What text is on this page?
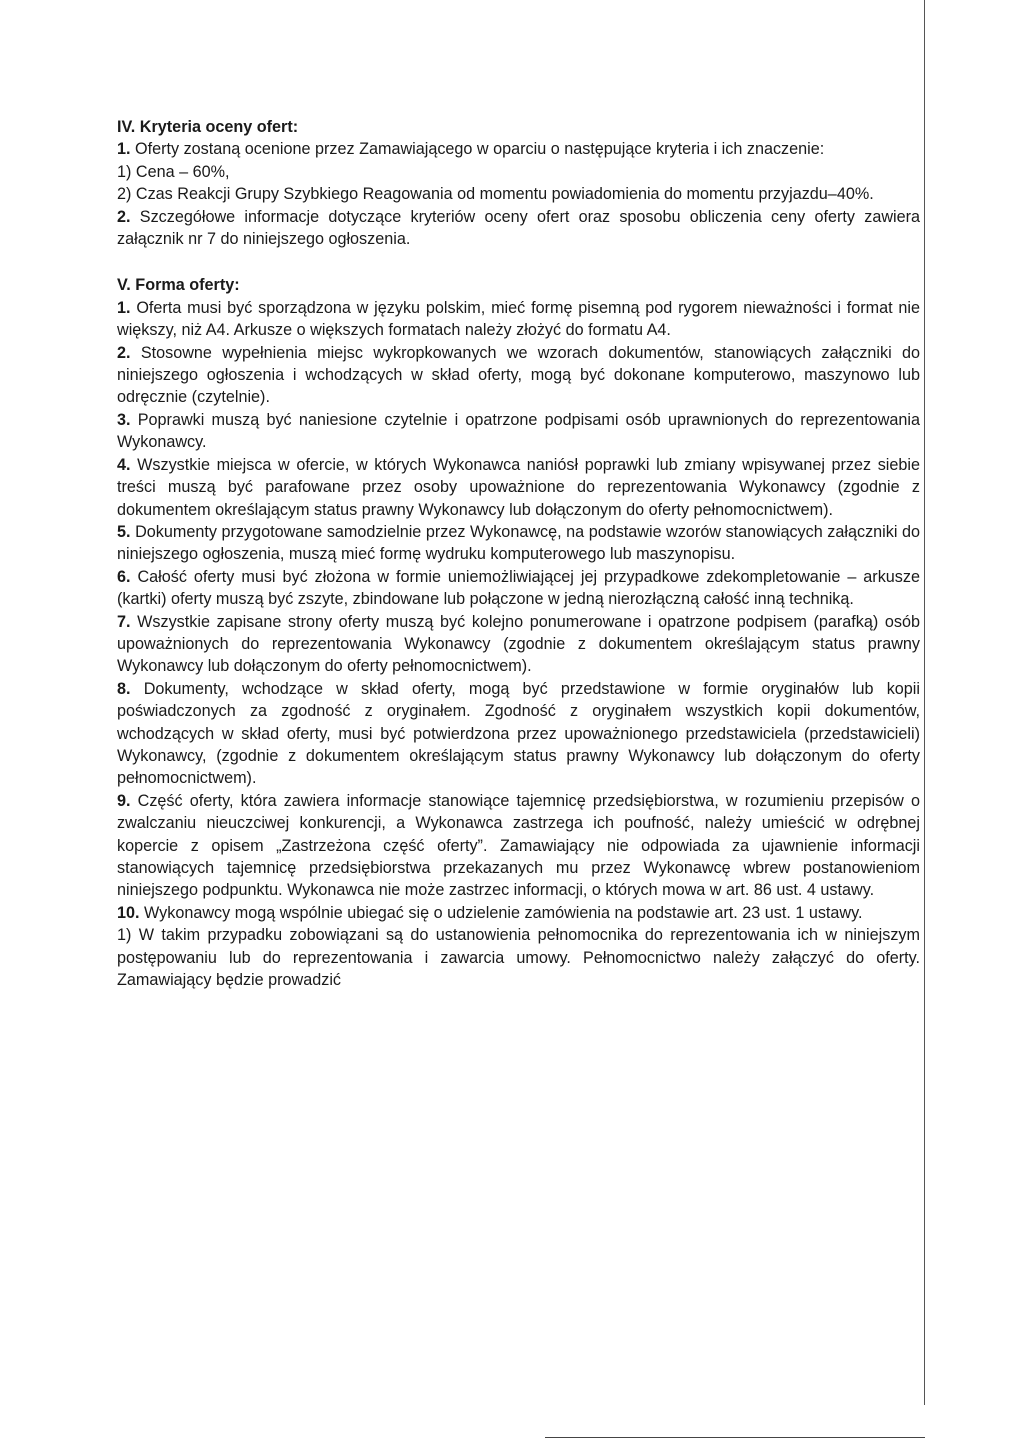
IV. Kryteria oceny ofert:

1. Oferty zostaną ocenione przez Zamawiającego w oparciu o następujące kryteria i ich znaczenie:

1) Cena – 60%,

2) Czas Reakcji Grupy Szybkiego Reagowania od momentu powiadomienia do momentu przyjazdu–40%.

2. Szczegółowe informacje dotyczące kryteriów oceny ofert oraz sposobu obliczenia ceny oferty zawiera załącznik nr 7 do niniejszego ogłoszenia.

V. Forma oferty:

1. Oferta musi być sporządzona w języku polskim, mieć formę pisemną pod rygorem nieważności i format nie większy, niż A4. Arkusze o większych formatach należy złożyć do formatu A4.

2. Stosowne wypełnienia miejsc wykropkowanych we wzorach dokumentów, stanowiących załączniki do niniejszego ogłoszenia i wchodzących w skład oferty, mogą być dokonane komputerowo, maszynowo lub odręcznie (czytelnie).

3. Poprawki muszą być naniesione czytelnie i opatrzone podpisami osób uprawnionych do reprezentowania Wykonawcy.

4. Wszystkie miejsca w ofercie, w których Wykonawca naniósł poprawki lub zmiany wpisywanej przez siebie treści muszą być parafowane przez osoby upoważnione do reprezentowania Wykonawcy (zgodnie z dokumentem określającym status prawny Wykonawcy lub dołączonym do oferty pełnomocnictwem).

5. Dokumenty przygotowane samodzielnie przez Wykonawcę, na podstawie wzorów stanowiących załączniki do niniejszego ogłoszenia, muszą mieć formę wydruku komputerowego lub maszynopisu.

6. Całość oferty musi być złożona w formie uniemożliwiającej jej przypadkowe zdekompletowanie – arkusze (kartki) oferty muszą być zszyte, zbindowane lub połączone w jedną nierozłączną całość inną techniką.

7. Wszystkie zapisane strony oferty muszą być kolejno ponumerowane i opatrzone podpisem (parafką) osób upoważnionych do reprezentowania Wykonawcy (zgodnie z dokumentem określającym status prawny Wykonawcy lub dołączonym do oferty pełnomocnictwem).

8. Dokumenty, wchodzące w skład oferty, mogą być przedstawione w formie oryginałów lub kopii poświadczonych za zgodność z oryginałem. Zgodność z oryginałem wszystkich kopii dokumentów, wchodzących w skład oferty, musi być potwierdzona przez upoważnionego przedstawiciela (przedstawicieli) Wykonawcy, (zgodnie z dokumentem określającym status prawny Wykonawcy lub dołączonym do oferty pełnomocnictwem).

9. Część oferty, która zawiera informacje stanowiące tajemnicę przedsiębiorstwa, w rozumieniu przepisów o zwalczaniu nieuczciwej konkurencji, a Wykonawca zastrzega ich poufność, należy umieścić w odrębnej kopercie z opisem „Zastrzeżona część oferty”. Zamawiający nie odpowiada za ujawnienie informacji stanowiących tajemnicę przedsiębiorstwa przekazanych mu przez Wykonawcę wbrew postanowieniom niniejszego podpunktu. Wykonawca nie może zastrzec informacji, o których mowa w art. 86 ust. 4 ustawy.

10. Wykonawcy mogą wspólnie ubiegać się o udzielenie zamówienia na podstawie art. 23 ust. 1 ustawy.

1) W takim przypadku zobowiązani są do ustanowienia pełnomocnika do reprezentowania ich w niniejszym postępowaniu lub do reprezentowania i zawarcia umowy. Pełnomocnictwo należy załączyć do oferty. Zamawiający będzie prowadzić
